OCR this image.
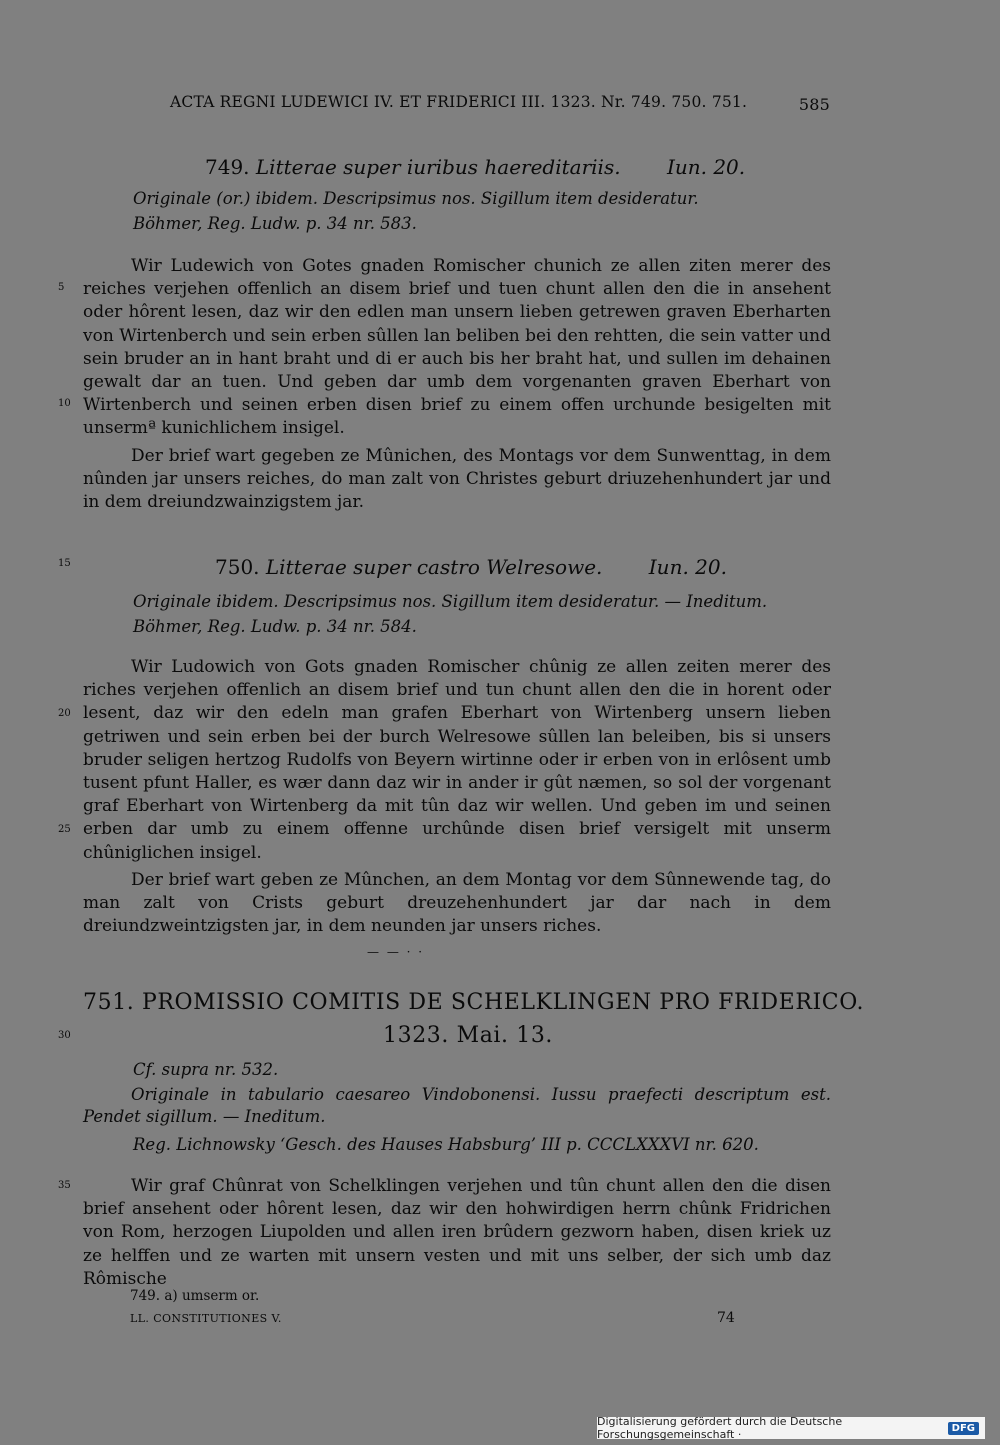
ACTA REGNI LUDEWICI IV. ET FRIDERICI III. 1323. Nr. 749. 750. 751.	585
749. Litterae super iuribus haereditariis. Iun. 20.
Originale (or.) ibidem. Descripsimus nos. Sigillum item desideratur.
Böhmer, Reg. Ludw. p. 34 nr. 583.

Wir Ludewich von Gotes gnaden Romischer chunich ze allen ziten merer des reiches verjehen offenlich an disem brief und tuen chunt allen den die in ansehent oder hôrent lesen, daz wir den edlen man unsern lieben getrewen graven Eberharten von Wirtenberch und sein erben sûllen lan beliben bei den rehtten, die sein vatter und sein bruder an in hant braht und di er auch bis her braht hat, und sullen im dehainen gewalt dar an tuen. Und geben dar umb dem vorgenanten graven Eberhart von Wirtenberch und seinen erben disen brief zu einem offen urchunde besigelten mit unsermª kunichlichem insigel.

Der brief wart gegeben ze Mûnichen, des Montags vor dem Sunwenttag, in dem nûnden jar unsers reiches, do man zalt von Christes geburt driuzehenhundert jar und in dem dreiundzwainzigstem jar.

750. Litterae super castro Welresowe. Iun. 20.
Originale ibidem. Descripsimus nos. Sigillum item desideratur. — Ineditum.
Böhmer, Reg. Ludw. p. 34 nr. 584.

Wir Ludowich von Gots gnaden Romischer chûnig ze allen zeiten merer des riches verjehen offenlich an disem brief und tun chunt allen den die in horent oder lesent, daz wir den edeln man grafen Eberhart von Wirtenberg unsern lieben getriwen und sein erben bei der burch Welresowe sûllen lan beleiben, bis si unsers bruder seligen hertzog Rudolfs von Beyern wirtinne oder ir erben von in erlôsent umb tusent pfunt Haller, es wær dann daz wir in ander ir gût næmen, so sol der vorgenant graf Eberhart von Wirtenberg da mit tûn daz wir wellen. Und geben im und seinen erben dar umb zu einem offenne urchûnde disen brief versigelt mit unserm chûniglichen insigel.

Der brief wart geben ze Mûnchen, an dem Montag vor dem Sûnnewende tag, do man zalt von Crists geburt dreuzehenhundert jar dar nach in dem dreiundzweintzigsten jar, in dem neunden jar unsers riches.

— — · ·
751. PROMISSIO COMITIS DE SCHELKLINGEN PRO FRIDERICO.
1323. Mai. 13.
Cf. supra nr. 532.

Originale in tabulario caesareo Vindobonensi. Iussu praefecti descriptum est. Pendet sigillum. — Ineditum.

Reg. Lichnowsky ‘Gesch. des Hauses Habsburg’ III p. CCCLXXXVI nr. 620.

Wir graf Chûnrat von Schelklingen verjehen und tûn chunt allen den die disen brief ansehent oder hôrent lesen, daz wir den hohwirdigen herrn chûnk Fridrichen von Rom, herzogen Liupolden und allen iren brûdern gezworn haben, disen kriek uz ze helffen und ze warten mit unsern vesten und mit uns selber, der sich umb daz Rômische

5
10
15
20
25
30
35
749. a) umserm or.
LL. CONSTITUTIONES V.	74
Digitalisierung gefördert durch die Deutsche Forschungsgemeinschaft ·	DFG
